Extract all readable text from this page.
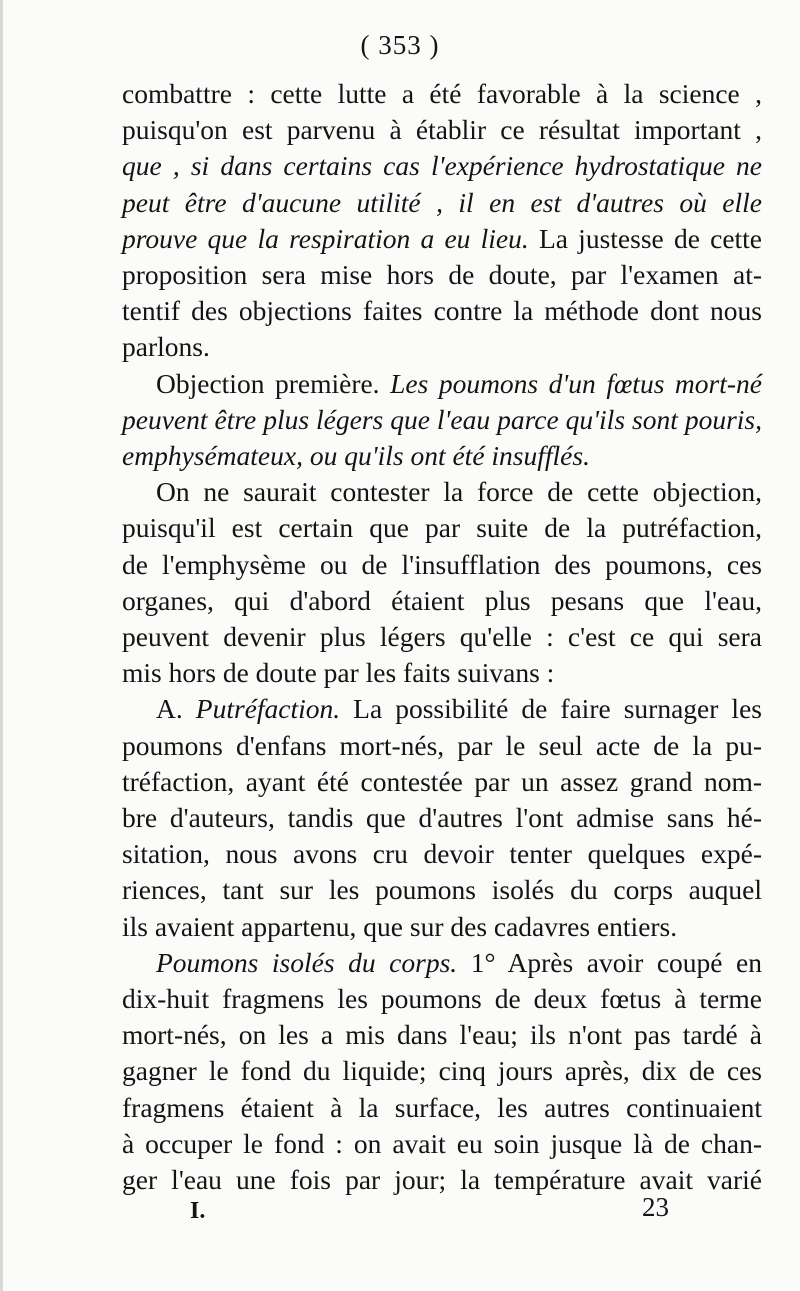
( 353 )
combattre : cette lutte a été favorable à la science ,
puisqu'on est parvenu à établir ce résultat important ,
que , si dans certains cas l'expérience hydrostatique ne
peut être d'aucune utilité , il en est d'autres où elle
prouve que la respiration a eu lieu. La justesse de cette
proposition sera mise hors de doute, par l'examen at-
tentif des objections faites contre la méthode dont nous
parlons.
Objection première. Les poumons d'un fœtus mort-né
peuvent être plus légers que l'eau parce qu'ils sont pouris,
emphysémateux, ou qu'ils ont été insufflés.
On ne saurait contester la force de cette objection,
puisqu'il est certain que par suite de la putréfaction,
de l'emphysème ou de l'insufflation des poumons, ces
organes, qui d'abord étaient plus pesans que l'eau,
peuvent devenir plus légers qu'elle : c'est ce qui sera
mis hors de doute par les faits suivans :
A. Putréfaction. La possibilité de faire surnager les
poumons d'enfans mort-nés, par le seul acte de la pu-
tréfaction, ayant été contestée par un assez grand nom-
bre d'auteurs, tandis que d'autres l'ont admise sans hé-
sitation, nous avons cru devoir tenter quelques expé-
riences, tant sur les poumons isolés du corps auquel
ils avaient appartenu, que sur des cadavres entiers.
Poumons isolés du corps. 1° Après avoir coupé en
dix-huit fragmens les poumons de deux fœtus à terme
mort-nés, on les a mis dans l'eau; ils n'ont pas tardé à
gagner le fond du liquide; cinq jours après, dix de ces
fragmens étaient à la surface, les autres continuaient
à occuper le fond : on avait eu soin jusque là de chan-
ger l'eau une fois par jour; la température avait varié
I.	23
